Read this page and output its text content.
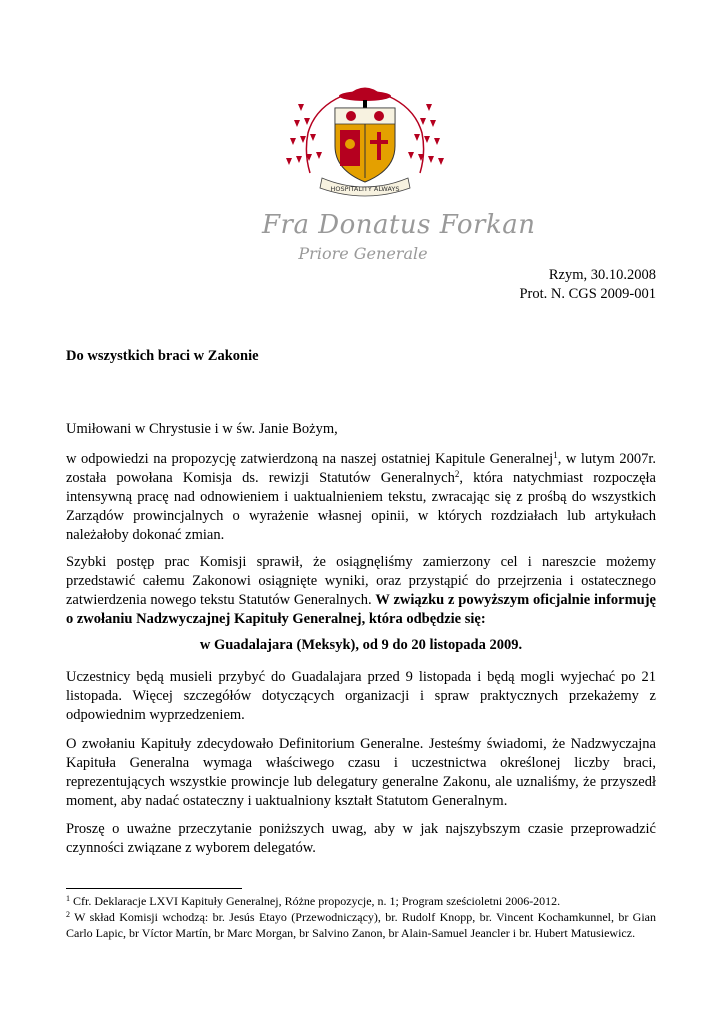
HOSPITALITY ALWAYS
Fra Donatus Forkan
Priore Generale
Rzym, 30.10.2008
Prot. N. CGS 2009-001
Do wszystkich braci w Zakonie
Umiłowani w Chrystusie i w św. Janie Bożym,
w odpowiedzi na propozycję zatwierdzoną na naszej ostatniej Kapitule Generalnej$^1$, w lutym 2007r. została powołana Komisja ds. rewizji Statutów Generalnych$^2$, która natychmiast rozpoczęła intensywną pracę nad odnowieniem i uaktualnieniem tekstu, zwracając się z prośbą do wszystkich Zarządów prowincjalnych o wyrażenie własnej opinii, w których rozdziałach lub artykułach należałoby dokonać zmian.
Szybki postęp prac Komisji sprawił, że osiągnęliśmy zamierzony cel i nareszcie możemy przedstawić całemu Zakonowi osiągnięte wyniki, oraz przystąpić do przejrzenia i ostatecznego zatwierdzenia nowego tekstu Statutów Generalnych. W związku z powyższym oficjalnie informuję o zwołaniu Nadzwyczajnej Kapituły Generalnej, która odbędzie się:
w Guadalajara (Meksyk), od 9 do 20 listopada 2009.
Uczestnicy będą musieli przybyć do Guadalajara przed 9 listopada i będą mogli wyjechać po 21 listopada. Więcej szczegółów dotyczących organizacji i spraw praktycznych przekażemy z odpowiednim wyprzedzeniem.
O zwołaniu Kapituły zdecydowało Definitorium Generalne. Jesteśmy świadomi, że Nadzwyczajna Kapituła Generalna wymaga właściwego czasu i uczestnictwa określonej liczby braci, reprezentujących wszystkie prowincje lub delegatury generalne Zakonu, ale uznaliśmy, że przyszedł moment, aby nadać ostateczny i uaktualniony kształt Statutom Generalnym.
Proszę o uważne przeczytanie poniższych uwag, aby w jak najszybszym czasie przeprowadzić czynności związane z wyborem delegatów.
$^1$ Cfr. Deklaracje LXVI Kapituły Generalnej, Różne propozycje, n. 1; Program sześcioletni 2006-2012.
$^2$ W skład Komisji wchodzą: br. Jesús Etayo (Przewodniczący), br. Rudolf Knopp, br. Vincent Kochamkunnel, br Gian Carlo Lapic, br Víctor Martín, br Marc Morgan, br Salvino Zanon, br Alain-Samuel Jeancler i br. Hubert Matusiewicz.
